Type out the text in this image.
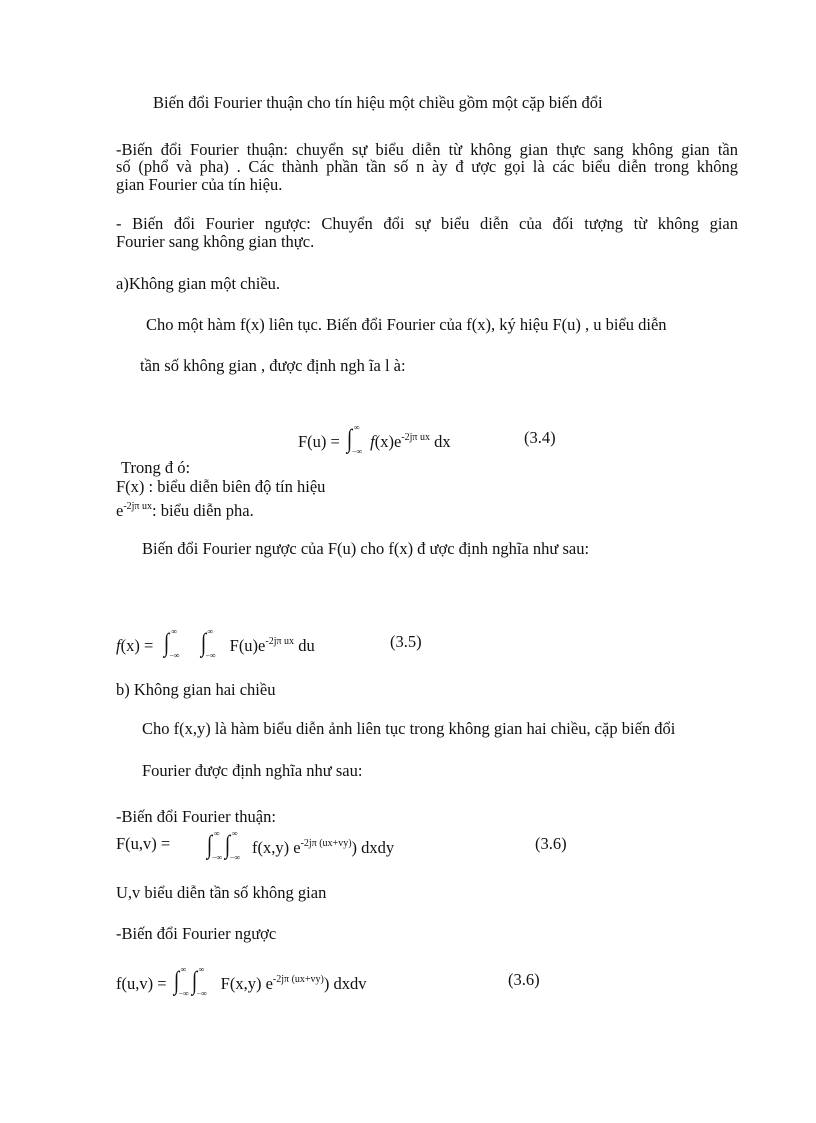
Biến đổi Fourier thuận cho tín hiệu một chiều gồm một cặp biến đổi
-Biến đổi Fourier thuận: chuyển sự biểu diễn từ không gian thực sang không gian tần
số (phổ và pha) . Các thành phần tần số n ày đ ược gọi là các biểu diễn trong không
gian Fourier của tín hiệu.
- Biến đổi Fourier ngược: Chuyển đổi sự biểu diễn của đối tượng từ không gian
Fourier sang không gian thực.
a)Không gian một chiều.
Cho một hàm f(x) liên tục. Biến đổi Fourier của f(x), ký hiệu F(u) , u biểu diễn
tần số không gian , được định ngh ĩa l à:
F(u) = ∫ ∞
−∞
$f(x)e^{-2j\pi ux}$ dx	(3.4)
Trong đ ó:
F(x) : biểu diễn biên độ tín hiệu
$e^{-2j\pi ux}$: biểu diễn pha.
Biến đổi Fourier ngược của F(u) cho f(x) đ ược định nghĩa như sau:
f(x) = ∫ ∞
−∞
∫ ∞
−∞
$F(u)e^{-2j\pi ux}$ du	(3.5)
b) Không gian hai chiều
Cho f(x,y) là hàm biểu diễn ảnh liên tục trong không gian hai chiều, cặp biến đổi
Fourier được định nghĩa như sau:
-Biến đổi Fourier thuận:
F(u,v) = ∫ ∞
−∞ ∫ ∞
−∞
f(x,y) $e^{-2j\pi (ux+vy)}$) dxdy	(3.6)
U,v biểu diễn tần số không gian
-Biến đổi Fourier ngược
f(u,v) = ∫ ∞
−∞ ∫ ∞
−∞
F(x,y) $e^{-2j\pi (ux+vy)}$) dxdv	(3.6)
